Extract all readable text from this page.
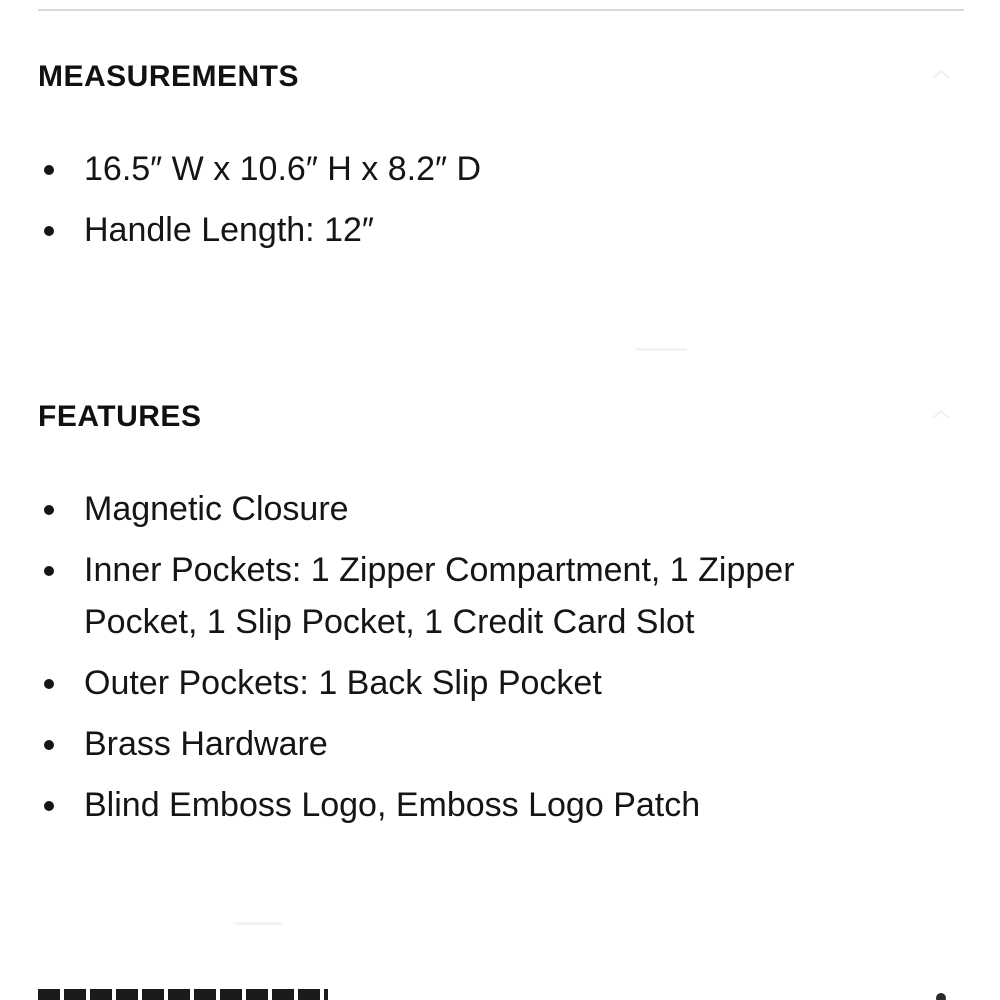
MEASUREMENTS
16.5″ W x 10.6″ H x 8.2″ D
Handle Length: 12″
FEATURES
Magnetic Closure
Inner Pockets: 1 Zipper Compartment, 1 Zipper Pocket, 1 Slip Pocket, 1 Credit Card Slot
Outer Pockets: 1 Back Slip Pocket
Brass Hardware
Blind Emboss Logo, Emboss Logo Patch
